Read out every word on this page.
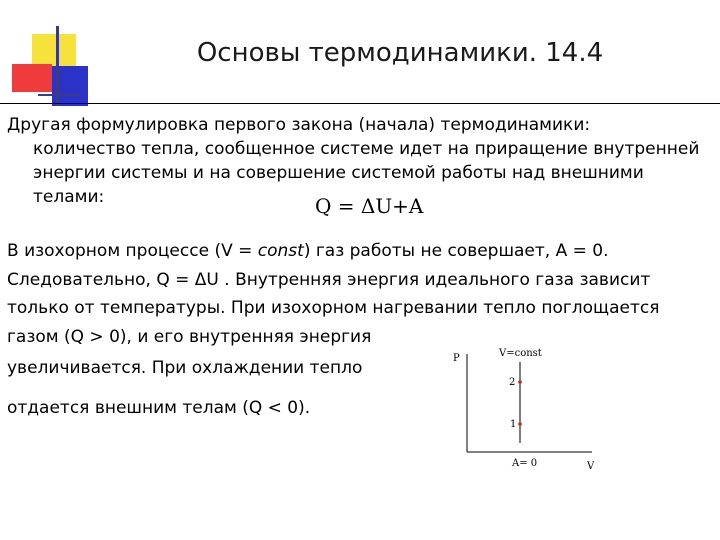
Основы термодинамики. 14.4
Другая формулировка первого закона (начала) термодинамики:
количество тепла, сообщенное системе идет на приращение внутренней энергии системы и на совершение системой работы над внешними телами:	Q = ΔU+A
В изохорном процессе (V = const) газ работы не совершает, A = 0.
Следовательно, Q = ΔU . Внутренняя энергия идеального газа зависит
только от температуры. При изохорном нагревании тепло поглощается
газом (Q > 0), и его внутренняя энергия
увеличивается. При охлаждении тепло
отдается внешним телам (Q < 0).
P
V
V=const
A= 0
2
1
